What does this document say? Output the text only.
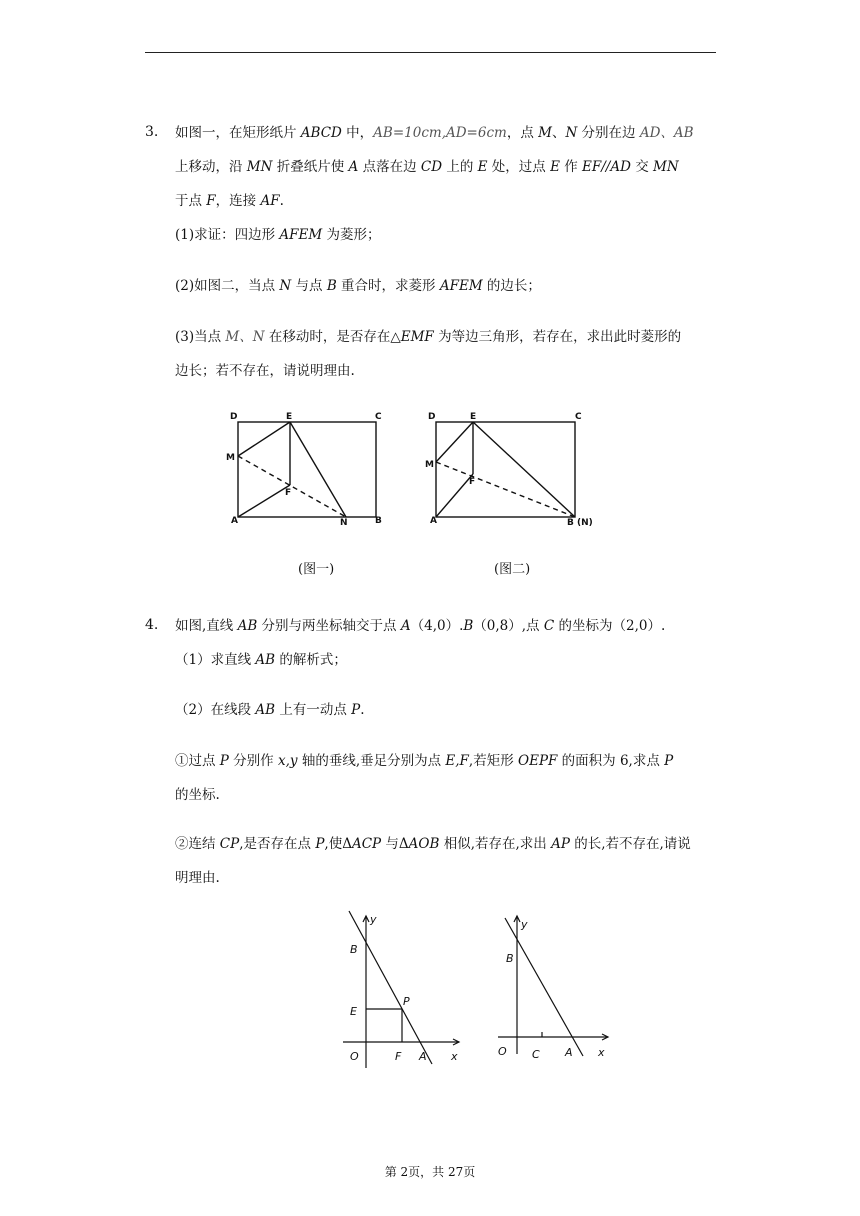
3. 如图一，在矩形纸片 ABCD 中，AB=10cm,AD=6cm，点 M、N 分别在边 AD、AB
上移动，沿 MN 折叠纸片使 A 点落在边 CD 上的 E 处，过点 E 作 EF//AD 交 MN
于点 F，连接 AF.
(1)求证：四边形 AFEM 为菱形；
(2)如图二，当点 N 与点 B 重合时，求菱形 AFEM 的边长；
(3)当点 M、N 在移动时，是否存在△EMF 为等边三角形，若存在，求出此时菱形的
边长；若不存在，请说明理由.
D	E	C
M
F
A	N	B
(图一)
D	E	C
M
F
A	B (N)
(图二)
4. 如图,直线 AB 分别与两坐标轴交于点 A（4,0）.B（0,8）,点 C 的坐标为（2,0）.
（1）求直线 AB 的解析式；
（2）在线段 AB 上有一动点 P.
①过点 P 分别作 x,y 轴的垂线,垂足分别为点 E,F,若矩形 OEPF 的面积为 6,求点 P
的坐标.
②连结 CP,是否存在点 P,使ΔACP 与ΔAOB 相似,若存在,求出 AP 的长,若不存在,请说
明理由.
y
B
E
P
O	F A x
y
B
O C A x
第 2页，共 27页
